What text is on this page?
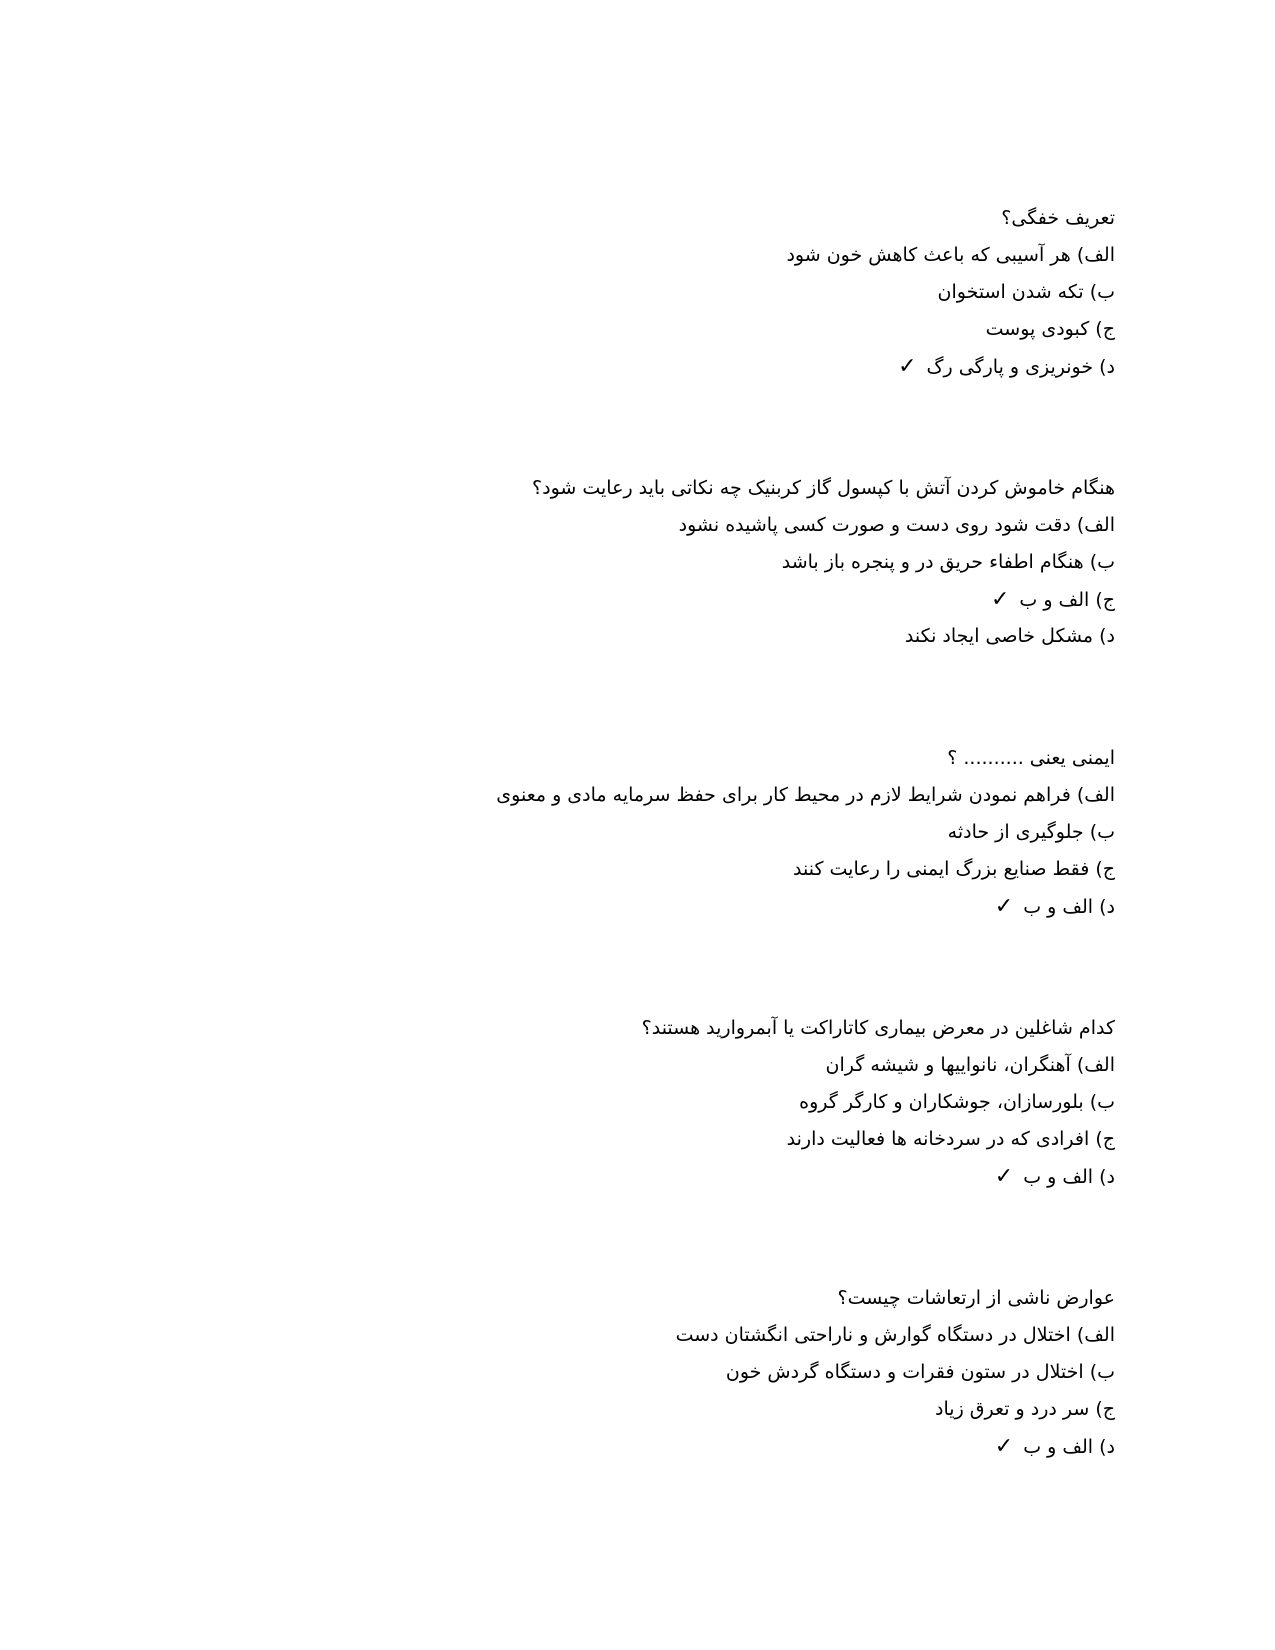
تعریف خفگی؟
الف) هر آسیبی که باعث کاهش خون شود
ب) تکه شدن استخوان
ج) کبودی پوست
د) خونریزی و پارگی رگ✓
هنگام خاموش کردن آتش با کپسول گاز کربنیک چه نکاتی باید رعایت شود؟
الف) دقت شود روی دست و صورت کسی پاشیده نشود
ب) هنگام اطفاء حریق در و پنجره باز باشد
ج) الف و ب✓
د) مشکل خاصی ایجاد نکند
ایمنی یعنی .......... ؟
الف) فراهم نمودن شرایط لازم در محیط کار برای حفظ سرمایه مادی و معنوی
ب) جلوگیری از حادثه
ج) فقط صنایع بزرگ ایمنی را رعایت کنند
د) الف و ب✓
کدام شاغلین در معرض بیماری کاتاراکت یا آبمروارید هستند؟
الف) آهنگران، نانواییها و شیشه گران
ب) بلورسازان، جوشکاران و کارگر گروه
ج) افرادی که در سردخانه ها فعالیت دارند
د) الف و ب✓
عوارض ناشی از ارتعاشات چیست؟
الف) اختلال در دستگاه گوارش و ناراحتی انگشتان دست
ب) اختلال در ستون فقرات و دستگاه گردش خون
ج) سر درد و تعرق زیاد
د) الف و ب✓
